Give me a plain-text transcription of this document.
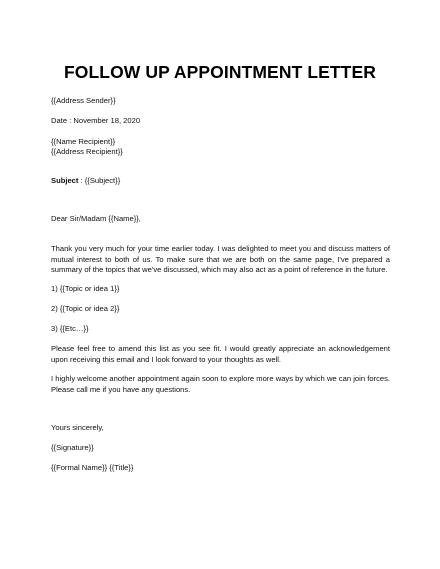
FOLLOW UP APPOINTMENT LETTER

{{Address Sender}}

Date : November 18, 2020

{{Name Recipient}}

{{Address Recipient}}

Subject : {{Subject}}

Dear Sir/Madam {{Name}},

Thank you very much for your time earlier today. I was delighted to meet you and discuss matters of mutual interest to both of us. To make sure that we are both on the same page, I've prepared a summary of the topics that we've discussed, which may also act as a point of reference in the future.

1) {{Topic or idea 1}}

2) {{Topic or idea 2}}

3) {{Etc…}}

Please feel free to amend this list as you see fit. I would greatly appreciate an acknowledgement upon receiving this email and I look forward to your thoughts as well.

I highly welcome another appointment again soon to explore more ways by which we can join forces. Please call me if you have any questions.

Yours sincerely,

{{Signature}}

{{Formal Name}} {{Title}}
